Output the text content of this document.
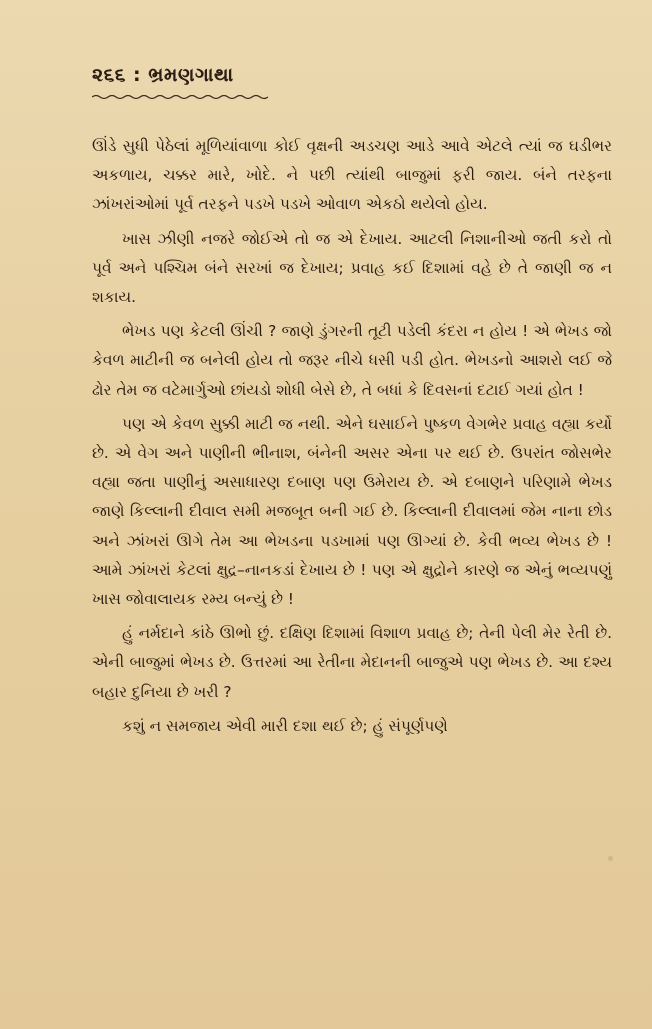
૨૬૬ : ભ્રમણગાથા

ઊંડે સુધી પેઠેલાં મૂળિયાંવાળા કોઈ વૃક્ષની અડચણ આડે આવે એટલે ત્યાં જ ઘડીભર અકળાય, ચક્કર મારે, ખોદે. ને પછી ત્યાંથી બાજુમાં ફરી જાય. બંને તરફના ઝાંખરાંઓમાં પૂર્વ તરફને પડખે પડખે ઓવાળ એકઠો થયેલો હોય.

ખાસ ઝીણી નજરે જોઈએ તો જ એ દેખાય. આટલી નિશાનીઓ જતી કરો તો પૂર્વ અને પશ્ચિમ બંને સરખાં જ દેખાય; પ્રવાહ કઈ દિશામાં વહે છે તે જાણી જ ન શકાય.

ભેખડ પણ કેટલી ઊંચી ? જાણે ડુંગરની તૂટી પડેલી કંદરા ન હોય ! એ ભેખડ જો કેવળ માટીની જ બનેલી હોય તો જરૂર નીચે ધસી પડી હોત. ભેખડનો આશરો લઈ જે ઢોર તેમ જ વટેમાર્ગુઓ છાંયડો શોધી બેસે છે, તે બધાં કે દિવસનાં દટાઈ ગયાં હોત !

પણ એ કેવળ સુક્કી માટી જ નથી. એને ઘસાઈને પુષ્કળ વેગભેર પ્રવાહ વહ્યા કર્યો છે. એ વેગ અને પાણીની ભીનાશ, બંનેની અસર એના પર થઈ છે. ઉપરાંત જોસભેર વહ્યા જતા પાણીનું અસાધારણ દબાણ પણ ઉમેરાય છે. એ દબાણને પરિણામે ભેખડ જાણે કિલ્લાની દીવાલ સમી મજબૂત બની ગઈ છે. કિલ્લાની દીવાલમાં જેમ નાના છોડ અને ઝાંખરાં ઊગે તેમ આ ભેખડના પડખામાં પણ ઊગ્યાં છે. કેવી ભવ્ય ભેખડ છે ! આમે ઝાંખરાં કેટલાં ક્ષુદ્ર–નાનકડાં દેખાય છે ! પણ એ ક્ષુદ્રોને કારણે જ એનું ભવ્યપણું ખાસ જોવાલાયક રમ્ય બન્યું છે !

હું નર્મદાને કાંઠે ઊભો છું. દક્ષિણ દિશામાં વિશાળ પ્રવાહ છે; તેની પેલી મેર રેતી છે. એની બાજુમાં ભેખડ છે. ઉત્તરમાં આ રેતીના મેદાનની બાજુએ પણ ભેખડ છે. આ દશ્ય બહાર દુનિયા છે ખરી ?

કશું ન સમજાય એવી મારી દશા થઈ છે; હું સંપૂર્ણપણે
